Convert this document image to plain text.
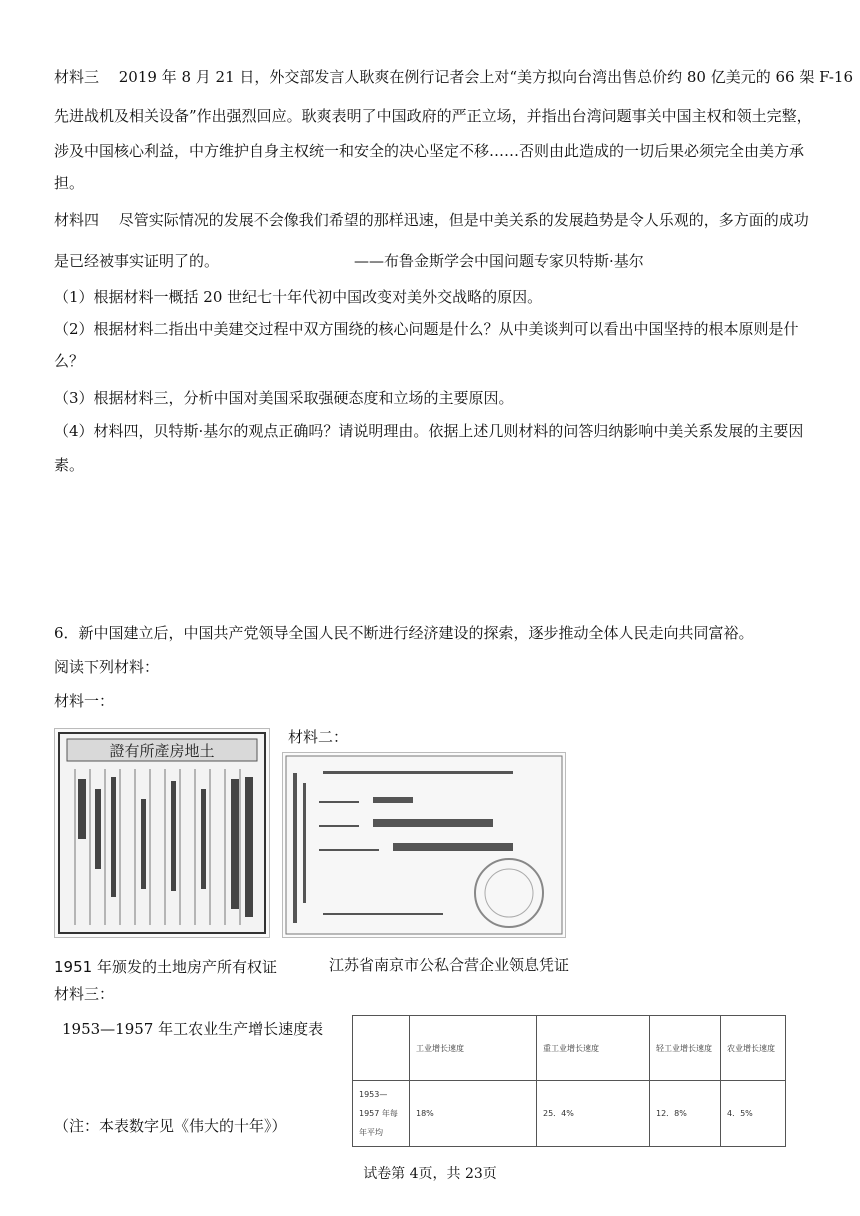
材料三　 2019 年 8 月 21 日，外交部发言人耿爽在例行记者会上对“美方拟向台湾出售总价约 80 亿美元的 66 架 F-16
先进战机及相关设备”作出强烈回应。耿爽表明了中国政府的严正立场，并指出台湾问题事关中国主权和领土完整，
涉及中国核心利益，中方维护自身主权统一和安全的决心坚定不移……否则由此造成的一切后果必须完全由美方承
担。
材料四　 尽管实际情况的发展不会像我们希望的那样迅速，但是中美关系的发展趋势是令人乐观的，多方面的成功
是已经被事实证明了的。	——布鲁金斯学会中国问题专家贝特斯·基尔
（1）根据材料一概括 20 世纪七十年代初中国改变对美外交战略的原因。
（2）根据材料二指出中美建交过程中双方围绕的核心问题是什么？从中美谈判可以看出中国坚持的根本原则是什
么？
（3）根据材料三，分析中国对美国采取强硬态度和立场的主要原因。
（4）材料四，贝特斯·基尔的观点正确吗？请说明理由。依据上述几则材料的问答归纳影响中美关系发展的主要因
素。
6．新中国建立后，中国共产党领导全国人民不断进行经济建设的探索，逐步推动全体人民走向共同富裕。
阅读下列材料：
材料一：
材料二：
證有所產房地土
1951 年颁发的土地房产所有权证	江苏省南京市公私合营企业领息凭证
材料三：
1953—1957 年工农业生产增长速度表
（注：本表数字见《伟大的十年》）
	工业增长速度	重工业增长速度	轻工业增长速度	农业增长速度
1953—1957 年每年平均	18%	25．4%	12．8%	4．5%
试卷第 4页，共 23页
